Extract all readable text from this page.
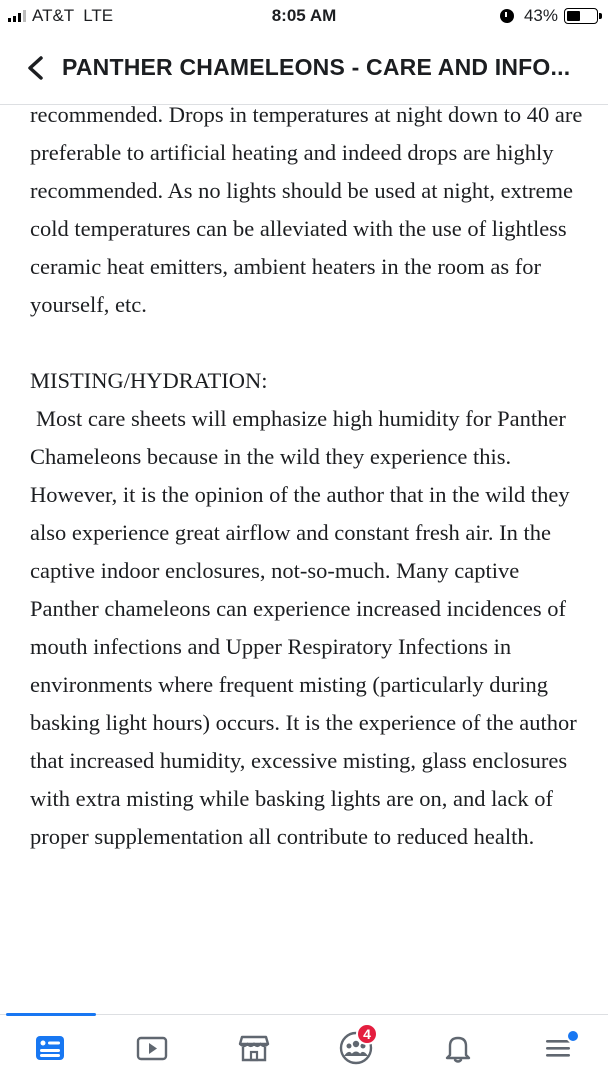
AT&T LTE	8:05 AM	43%
PANTHER CHAMELEONS - CARE AND INFO...

recommended. Drops in temperatures at night down to 40 are preferable to artificial heating and indeed drops are highly recommended. As no lights should be used at night, extreme cold temperatures can be alleviated with the use of lightless ceramic heat emitters, ambient heaters in the room as for yourself, etc.

MISTING/HYDRATION:

Most care sheets will emphasize high humidity for Panther Chameleons because in the wild they experience this. However, it is the opinion of the author that in the wild they also experience great airflow and constant fresh air. In the captive indoor enclosures, not-so-much. Many captive Panther chameleons can experience increased incidences of mouth infections and Upper Respiratory Infections in environments where frequent misting (particularly during basking light hours) occurs. It is the experience of the author that increased humidity, excessive misting, glass enclosures with extra misting while basking lights are on, and lack of proper supplementation all contribute to reduced health.

4
